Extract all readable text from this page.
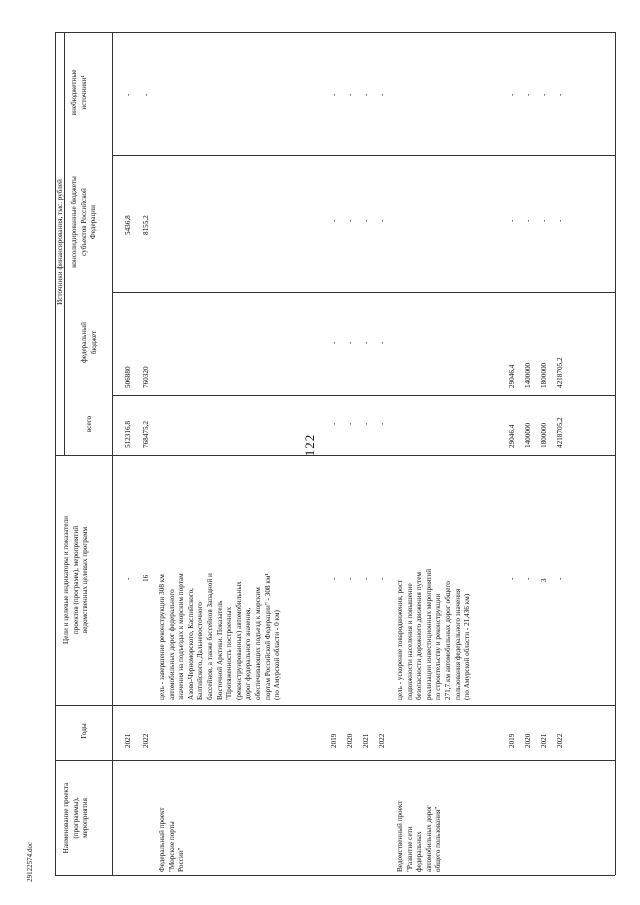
122
29122574.doc
Наименование проекта
(программы),
мероприятия
Годы
Цели и целевые индикаторы и показатели
проектов (программ), мероприятий
ведомственных целевых программ
Источники финансирования, тыс. рублей
всего
федеральный
бюджет
консолидированные бюджеты
субъектов Российской
Федерации
внебюджетные
источники¹
2021
-
512316,8
506880
5436,8
-
2022
16
768475,2
760320
8155,2
-
Федеральный проект
"Морские порты
России"
цель - завершение реконструкции 308 км
автомобильных дорог федерального
значения на подъездах к морским портам
Азово-Черноморского, Каспийского,
Балтийского, Дальневосточного
бассейнов, а также бассейнов Западной и
Восточной Арктики. Показатель
"Протяженность построенных
(реконструированных) автомобильных
дорог федерального значения,
обеспечивающих подъезд к морским
портам Российской Федерации" - 308 км¹
(по Амурской области - 0 км)
2019
-
-
-
-
-
2020
-
-
-
-
-
2021
-
-
-
-
-
2022
-
-
-
-
-
Ведомственный проект
"Развитие сети
федеральных
автомобильных дорог
общего пользования"
цель - ускорение товародвижения, рост
подвижности населения и повышение
безопасности дорожного движения путем
реализации инвестиционных мероприятий
по строительству и реконструкции
271,7 км автомобильных дорог общего
пользования федерального значения
(по Амурской области - 21,436 км)
2019
-
29046,4
29046,4
-
-
2020
-
1400000
1400000
-
-
2021
3
1800000
1800000
-
-
2022
-
4218705,2
4218705,2
-
-
